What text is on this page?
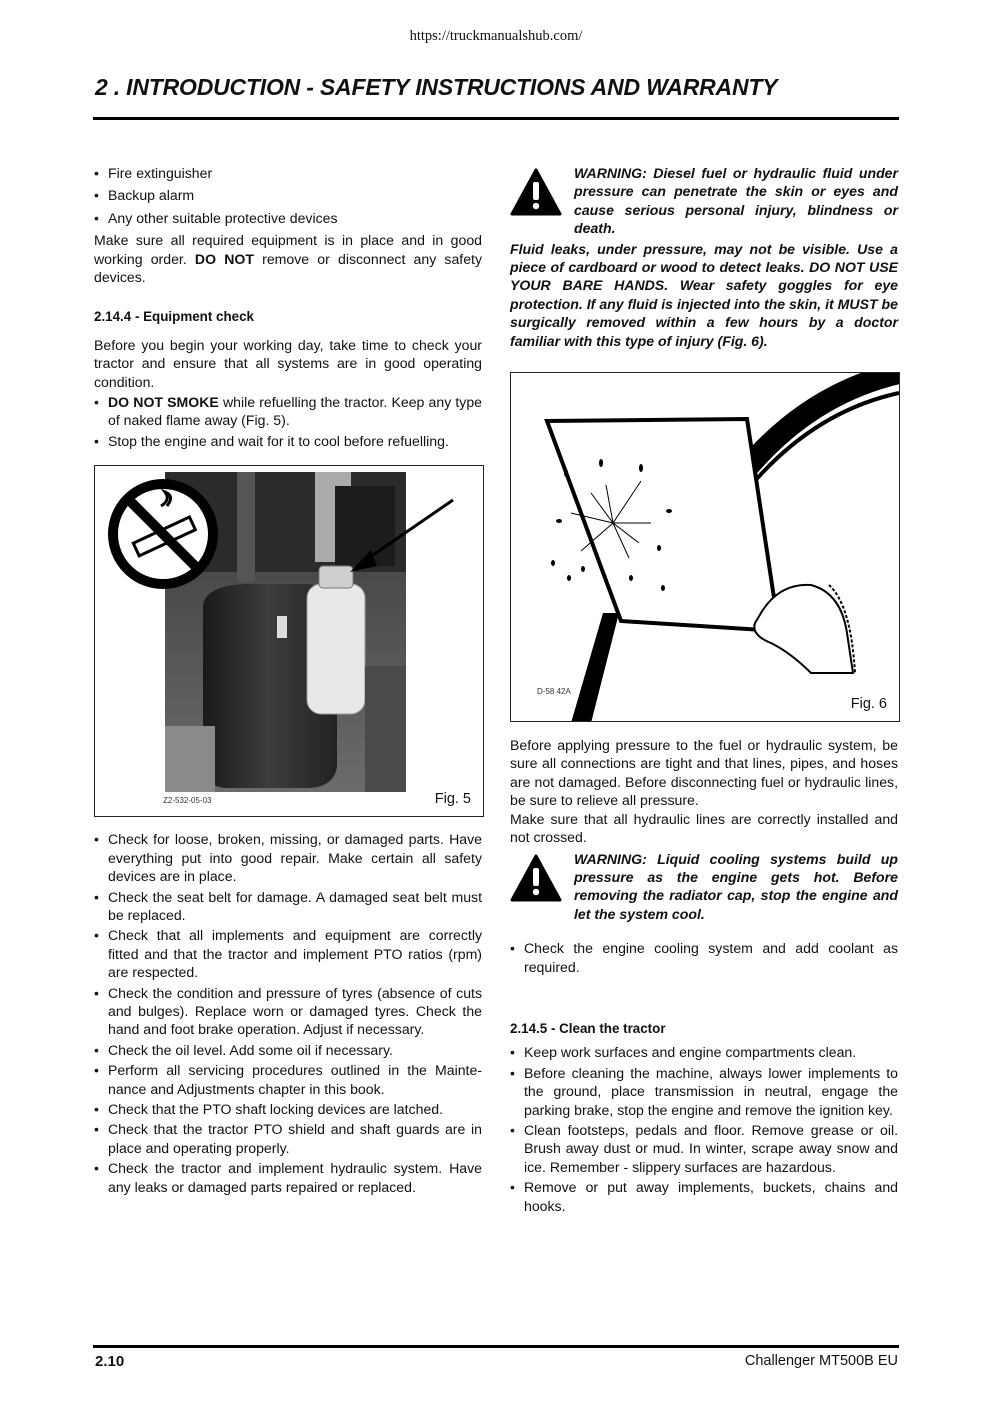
https://truckmanualshub.com/
2 . INTRODUCTION - SAFETY INSTRUCTIONS AND WARRANTY
• Fire extinguisher
• Backup alarm
• Any other suitable protective devices

Make sure all required equipment is in place and in good working order. DO NOT remove or disconnect any safety devices.

2.14.4 - Equipment check

Before you begin your working day, take time to check your tractor and ensure that all systems are in good operating condition.

• DO NOT SMOKE while refuelling the tractor. Keep any type of naked flame away (Fig. 5).
• Stop the engine and wait for it to cool before refuelling.
Z2-532-05-03	Fig. 5
• Check for loose, broken, missing, or damaged parts. Have everything put into good repair. Make certain all safety devices are in place.
• Check the seat belt for damage. A damaged seat belt must be replaced.
• Check that all implements and equipment are correctly fitted and that the tractor and implement PTO ratios (rpm) are respected.
• Check the condition and pressure of tyres (absence of cuts and bulges). Replace worn or damaged tyres. Check the hand and foot brake operation. Adjust if necessary.
• Check the oil level. Add some oil if necessary.
• Perform all servicing procedures outlined in the Maintenance and Adjustments chapter in this book.
• Check that the PTO shaft locking devices are latched.
• Check that the tractor PTO shield and shaft guards are in place and operating properly.
• Check the tractor and implement hydraulic system. Have any leaks or damaged parts repaired or replaced.
WARNING: Diesel fuel or hydraulic fluid under pressure can penetrate the skin or eyes and cause serious personal injury, blindness or death.

Fluid leaks, under pressure, may not be visible. Use a piece of cardboard or wood to detect leaks. DO NOT USE YOUR BARE HANDS. Wear safety goggles for eye protection. If any fluid is injected into the skin, it MUST be surgically removed within a few hours by a doctor familiar with this type of injury (Fig. 6).

D-58 42A
Fig. 6

Before applying pressure to the fuel or hydraulic system, be sure all connections are tight and that lines, pipes, and hoses are not damaged. Before disconnecting fuel or hydraulic lines, be sure to relieve all pressure.

Make sure that all hydraulic lines are correctly installed and not crossed.

WARNING: Liquid cooling systems build up pressure as the engine gets hot. Before removing the radiator cap, stop the engine and let the system cool.
• Check the engine cooling system and add coolant as required.

2.14.5 - Clean the tractor

• Keep work surfaces and engine compartments clean.
• Before cleaning the machine, always lower implements to the ground, place transmission in neutral, engage the parking brake, stop the engine and remove the ignition key.
• Clean footsteps, pedals and floor. Remove grease or oil. Brush away dust or mud. In winter, scrape away snow and ice. Remember - slippery surfaces are hazardous.
• Remove or put away implements, buckets, chains and hooks.
2.10	Challenger MT500B EU
